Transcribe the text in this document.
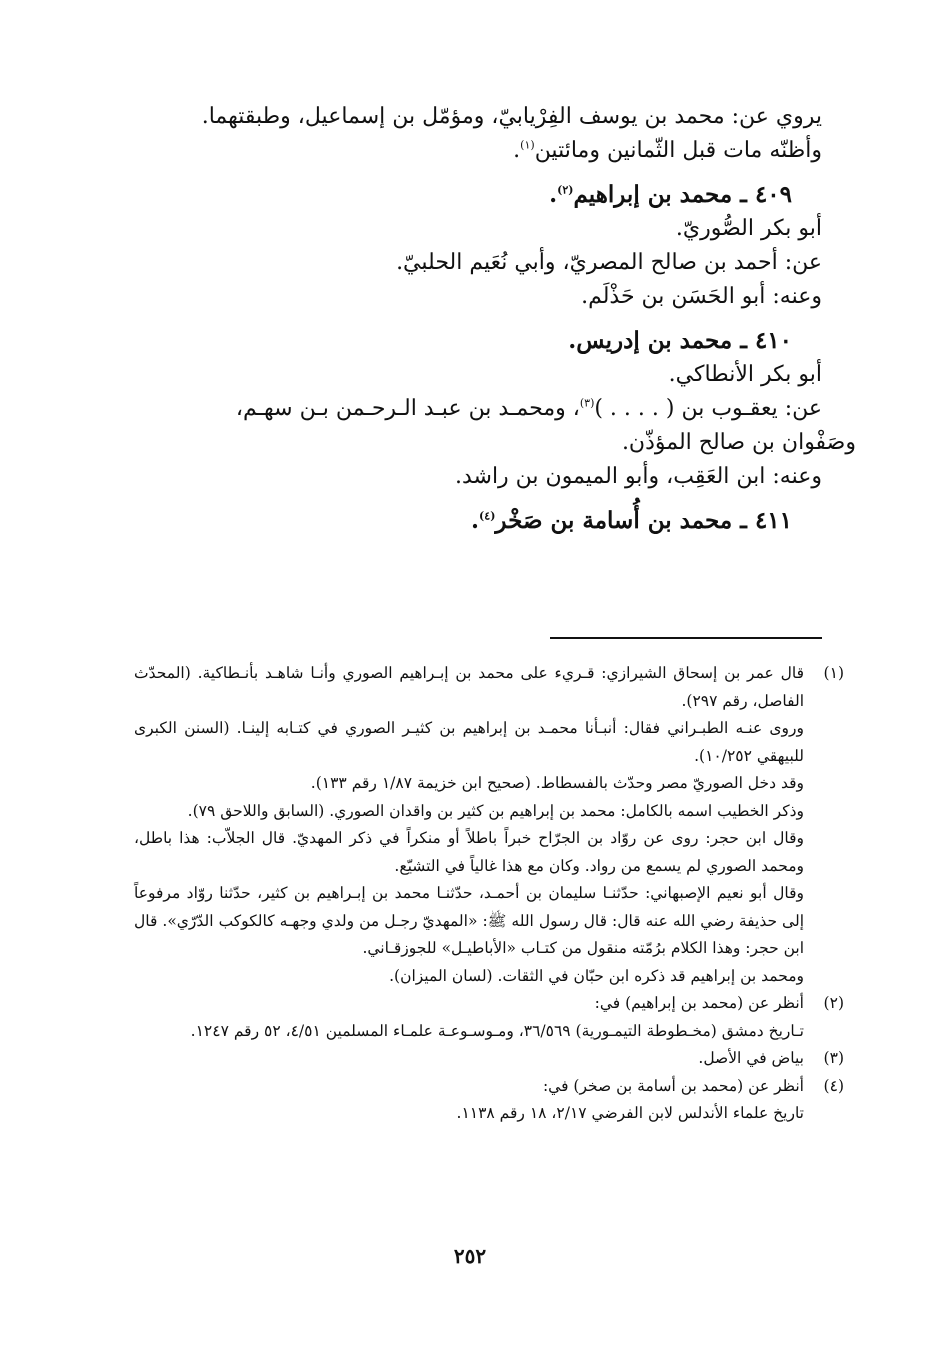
يروي عن: محمد بن يوسف الفِرْيابيّ، ومؤمّل بن إسماعيل، وطبقتهما.
وأظنّه مات قبل الثّمانين ومائتين$^{(١)}$.
٤٠٩ ـ محمد بن إبراهيم$^{(٢)}$.
أبو بكر الصُّوريّ.
عن: أحمد بن صالح المصريّ، وأبي نُعَيم الحلبيّ.
وعنه: أبو الحَسَن بن حَذْلَم.
٤١٠ ـ محمد بن إدريس.
أبو بكر الأنطاكي.
عن: يعقـوب بن ( . . . . )$^{(٣)}$، ومحمـد بن عبـد الـرحـمن بـن سهـم،
وصَفْوان بن صالح المؤذّن.
وعنه: ابن العَقِب، وأبو الميمون بن راشد.
٤١١ ـ محمد بن أُسامة بن صَخْر$^{(٤)}$.
(١)
قال عمر بن إسحاق الشيرازي: قـريء على محمد بن إبـراهيم الصوري وأنـا شاهـد بأنـطاكية. (المحدّث الفاصل، رقم ٢٩٧).
وروى عنـه الطبـراني فقال: أنبـأنا محمـد بن إبراهيم بن كثيـر الصوري في كتـابه إلينـا. (السنن الكبرى للبيهقي ١٠/٢٥٢).
وقد دخل الصوريّ مصر وحدّث بالفسطاط. (صحيح ابن خزيمة ١/٨٧ رقم ١٣٣).
وذكر الخطيب اسمه بالكامل: محمد بن إبراهيم بن كثير بن واقدان الصوري. (السابق واللاحق ٧٩).
وقال ابن حجر: روى عن روّاد بن الجرّاح خبراً باطلاً أو منكراً في ذكر المهديّ. قال الجلاّب: هذا باطل، ومحمد الصوري لم يسمع من رواد. وكان مع هذا غالياً في التشيّع.
وقال أبو نعيم الإصبهاني: حدّثنـا سليمان بن أحمـد، حدّثنـا محمد بن إبـراهيم بن كثير، حدّثنا روّاد مرفوعاً إلى حذيفة رضي الله عنه قال: قال رسول الله ﷺ: «المهديّ رجـل من ولدي وجهـه كالكوكب الدّرّي». قال ابن حجر: وهذا الكلام برُمّته منقول من كتـاب «الأباطيـل» للجوزقـاني.
ومحمد بن إبراهيم قد ذكره ابن حبّان في الثقات. (لسان الميزان).
(٢)
أنظر عن (محمد بن إبراهيم) في:
تـاريخ دمشق (مخـطوطة التيمـورية) ٣٦/٥٦٩، ومـوسـوعـة علمـاء المسلمين ٤/٥١، ٥٢ رقم ١٢٤٧.
(٣)
بياض في الأصل.
(٤)
أنظر عن (محمد بن أسامة بن صخر) في:
تاريخ علماء الأندلس لابن الفرضي ٢/١٧، ١٨ رقم ١١٣٨.
٢٥٢
